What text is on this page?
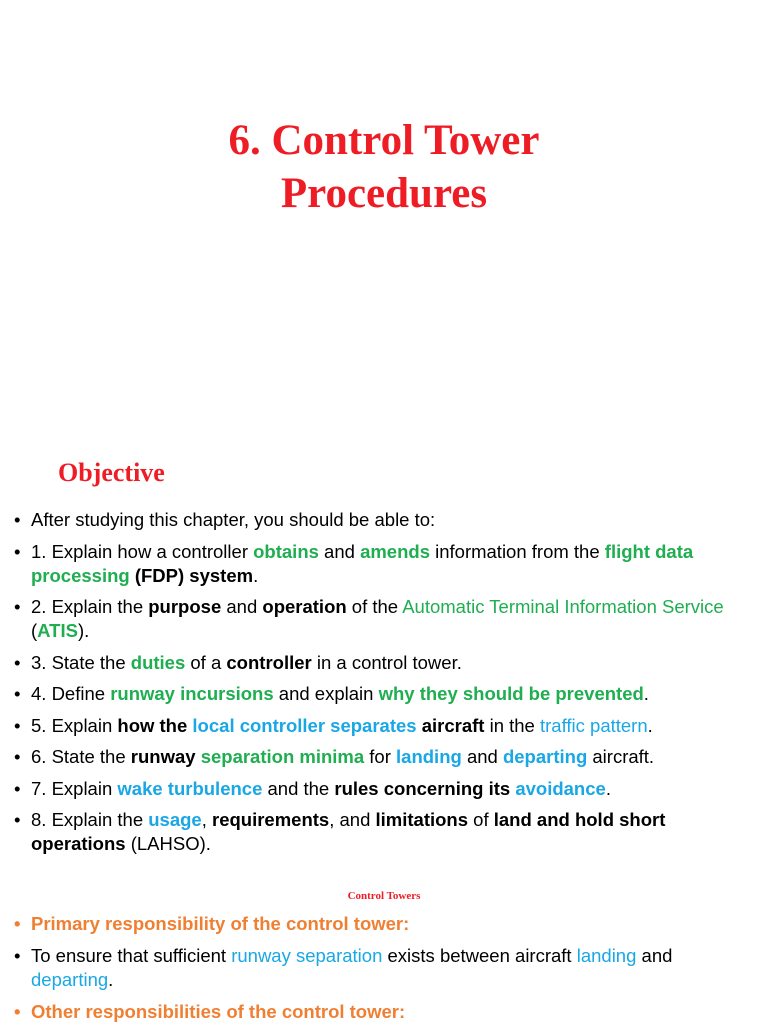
6. Control Tower
Procedures
Objective
• After studying this chapter, you should be able to:
• 1. Explain how a controller obtains and amends information from the flight data processing (FDP) system.
• 2. Explain the purpose and operation of the Automatic Terminal Information Service (ATIS).
• 3. State the duties of a controller in a control tower.
• 4. Define runway incursions and explain why they should be prevented.
• 5. Explain how the local controller separates aircraft in the traffic pattern.
• 6. State the runway separation minima for landing and departing aircraft.
• 7. Explain wake turbulence and the rules concerning its avoidance.
• 8. Explain the usage, requirements, and limitations of land and hold short operations (LAHSO).
Control Towers
• Primary responsibility of the control tower:
• To ensure that sufficient runway separation exists between aircraft landing and departing.
• Other responsibilities of the control tower:
